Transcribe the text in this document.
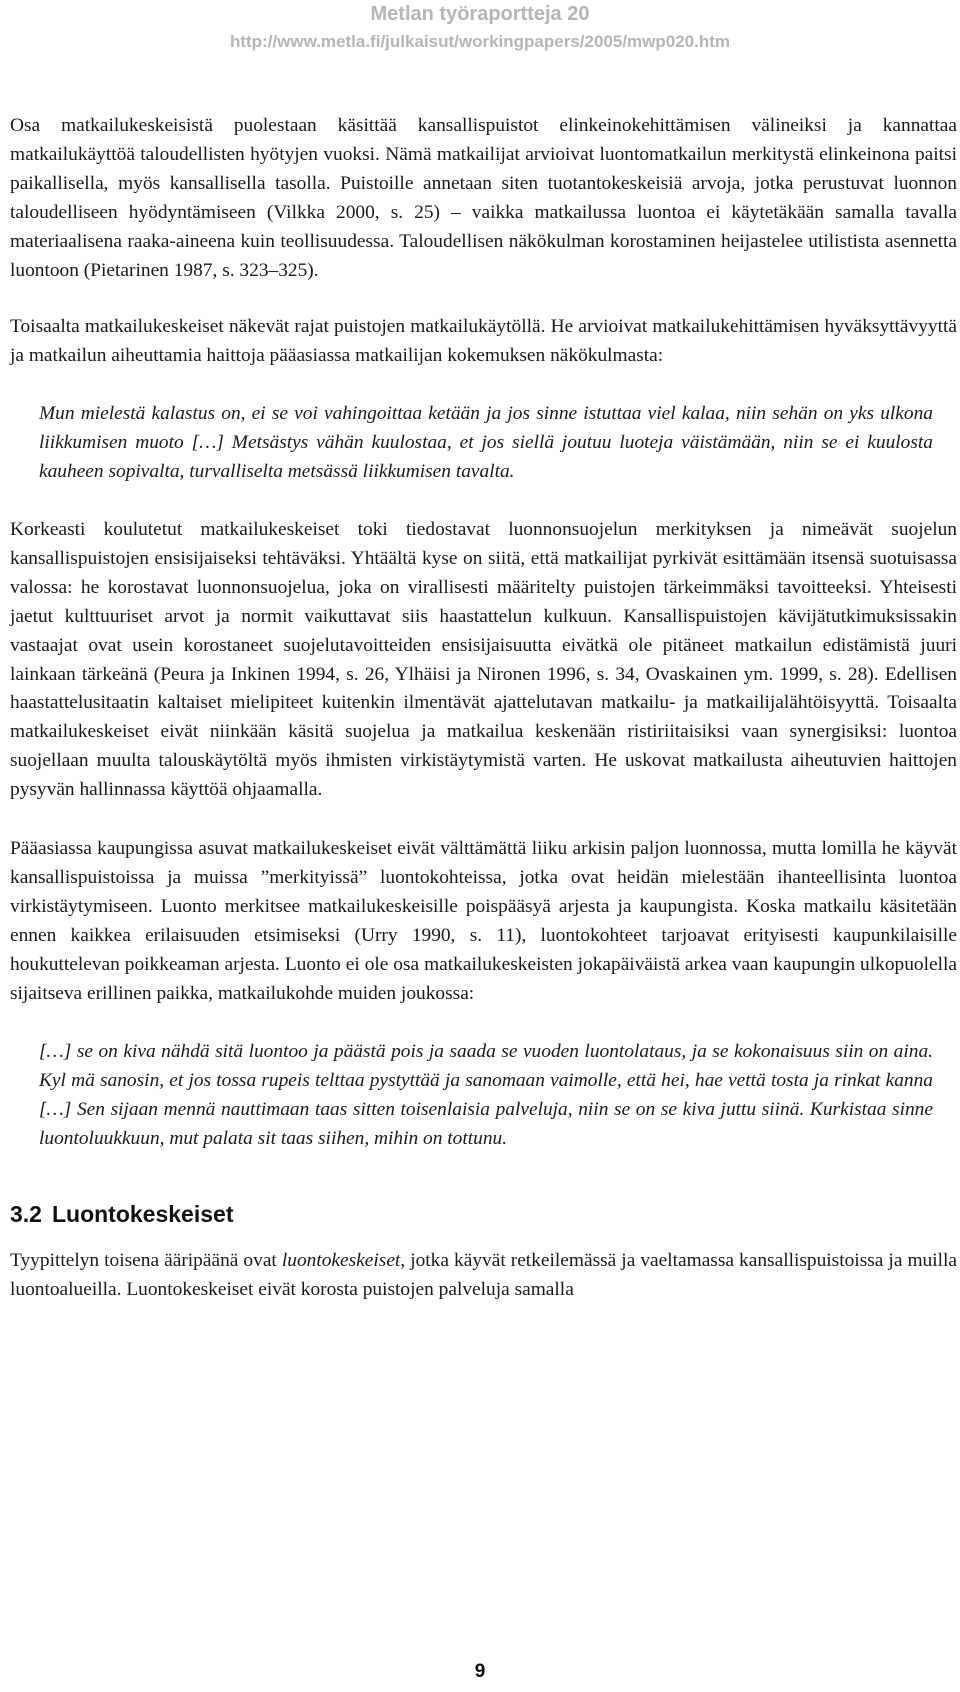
Metlan työraportteja 20
http://www.metla.fi/julkaisut/workingpapers/2005/mwp020.htm

Osa matkailukeskeisistä puolestaan käsittää kansallispuistot elinkeinokehittämisen välineiksi ja kannattaa matkailukäyttöä taloudellisten hyötyjen vuoksi. Nämä matkailijat arvioivat luontomatkailun merkitystä elinkeinona paitsi paikallisella, myös kansallisella tasolla. Puistoille annetaan siten tuotantokeskeisiä arvoja, jotka perustuvat luonnon taloudelliseen hyödyntämiseen (Vilkka 2000, s. 25) – vaikka matkailussa luontoa ei käytetäkään samalla tavalla materiaalisena raaka-aineena kuin teollisuudessa. Taloudellisen näkökulman korostaminen heijastelee utilistista asennetta luontoon (Pietarinen 1987, s. 323–325).

Toisaalta matkailukeskeiset näkevät rajat puistojen matkailukäytöllä. He arvioivat matkailukehittämisen hyväksyttävyyttä ja matkailun aiheuttamia haittoja pääasiassa matkailijan kokemuksen näkökulmasta:

Mun mielestä kalastus on, ei se voi vahingoittaa ketään ja jos sinne istuttaa viel kalaa, niin sehän on yks ulkona liikkumisen muoto […] Metsästys vähän kuulostaa, et jos siellä joutuu luoteja väistämään, niin se ei kuulosta kauheen sopivalta, turvalliselta metsässä liikkumisen tavalta.

Korkeasti koulutetut matkailukeskeiset toki tiedostavat luonnonsuojelun merkityksen ja nimeävät suojelun kansallispuistojen ensisijaiseksi tehtäväksi. Yhtäältä kyse on siitä, että matkailijat pyrkivät esittämään itsensä suotuisassa valossa: he korostavat luonnonsuojelua, joka on virallisesti määritelty puistojen tärkeimmäksi tavoitteeksi. Yhteisesti jaetut kulttuuriset arvot ja normit vaikuttavat siis haastattelun kulkuun. Kansallispuistojen kävijätutkimuksissakin vastaajat ovat usein korostaneet suojelutavoitteiden ensisijaisuutta eivätkä ole pitäneet matkailun edistämistä juuri lainkaan tärkeänä (Peura ja Inkinen 1994, s. 26, Ylhäisi ja Nironen 1996, s. 34, Ovaskainen ym. 1999, s. 28). Edellisen haastattelusitaatin kaltaiset mielipiteet kuitenkin ilmentävät ajattelutavan matkailu- ja matkailijalähtöisyyttä. Toisaalta matkailukeskeiset eivät niinkään käsitä suojelua ja matkailua keskenään ristiriitaisiksi vaan synergisiksi: luontoa suojellaan muulta talouskäytöltä myös ihmisten virkistäytymistä varten. He uskovat matkailusta aiheutuvien haittojen pysyvän hallinnassa käyttöä ohjaamalla.

Pääasiassa kaupungissa asuvat matkailukeskeiset eivät välttämättä liiku arkisin paljon luonnossa, mutta lomilla he käyvät kansallispuistoissa ja muissa ”merkityissä” luontokohteissa, jotka ovat heidän mielestään ihanteellisinta luontoa virkistäytymiseen. Luonto merkitsee matkailukeskeisille poispääsyä arjesta ja kaupungista. Koska matkailu käsitetään ennen kaikkea erilaisuuden etsimiseksi (Urry 1990, s. 11), luontokohteet tarjoavat erityisesti kaupunkilaisille houkuttelevan poikkeaman arjesta. Luonto ei ole osa matkailukeskeisten jokapäiväistä arkea vaan kaupungin ulkopuolella sijaitseva erillinen paikka, matkailukohde muiden joukossa:

[…] se on kiva nähdä sitä luontoo ja päästä pois ja saada se vuoden luontolataus, ja se kokonaisuus siin on aina. Kyl mä sanosin, et jos tossa rupeis telttaa pystyttää ja sanomaan vaimolle, että hei, hae vettä tosta ja rinkat kanna […] Sen sijaan mennä nauttimaan taas sitten toisenlaisia palveluja, niin se on se kiva juttu siinä. Kurkistaa sinne luontoluukkuun, mut palata sit taas siihen, mihin on tottunu.

3.2 Luontokeskeiset

Tyypittelyn toisena ääripäänä ovat luontokeskeiset, jotka käyvät retkeilemässä ja vaeltamassa kansallispuistoissa ja muilla luontoalueilla. Luontokeskeiset eivät korosta puistojen palveluja samalla

9
